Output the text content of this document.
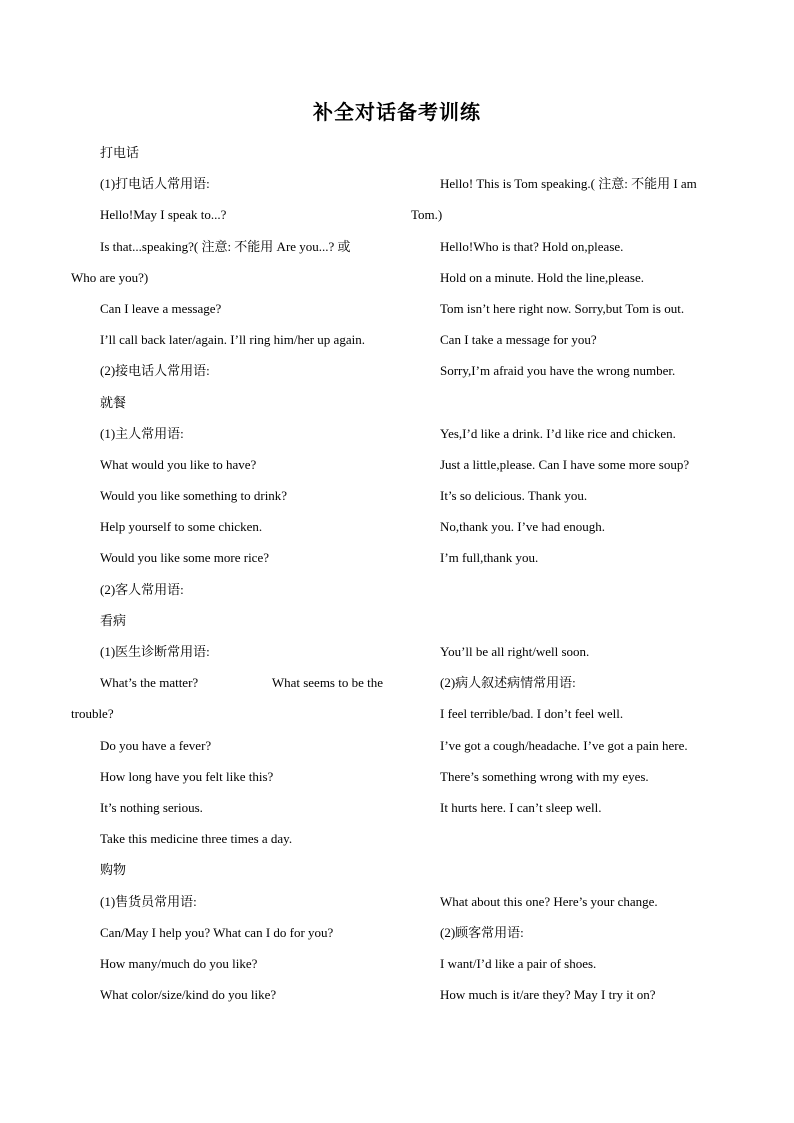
补全对话备考训练
打电话
(1)打电话人常用语:
Hello!May I speak to...?
Is that...speaking?( 注意: 不能用 Are you...? 或
Who are you?)
Can I leave a message?
I’ll call back later/again. I’ll ring him/her up again.
(2)接电话人常用语:
就餐
(1)主人常用语:
What would you like to have?
Would you like something to drink?
Help yourself to some chicken.
Would you like some more rice?
(2)客人常用语:
看病
(1)医生诊断常用语:
What’s the matter?	What seems to be the
trouble?
Do you have a fever?
How long have you felt like this?
It’s nothing serious.
Take this medicine three times a day.
购物
(1)售货员常用语:
Can/May I help you? What can I do for you?
How many/much do you like?
What color/size/kind do you like?
Hello! This is Tom speaking.( 注意: 不能用 I am
Tom.)
Hello!Who is that? Hold on,please.
Hold on a minute. Hold the line,please.
Tom isn’t here right now. Sorry,but Tom is out.
Can I take a message for you?
Sorry,I’m afraid you have the wrong number.
Yes,I’d like a drink. I’d like rice and chicken.
Just a little,please. Can I have some more soup?
It’s so delicious. Thank you.
No,thank you. I’ve had enough.
I’m full,thank you.
You’ll be all right/well soon.
(2)病人叙述病情常用语:
I feel terrible/bad. I don’t feel well.
I’ve got a cough/headache. I’ve got a pain here.
There’s something wrong with my eyes.
It hurts here. I can’t sleep well.
What about this one? Here’s your change.
(2)顾客常用语:
I want/I’d like a pair of shoes.
How much is it/are they? May I try it on?
